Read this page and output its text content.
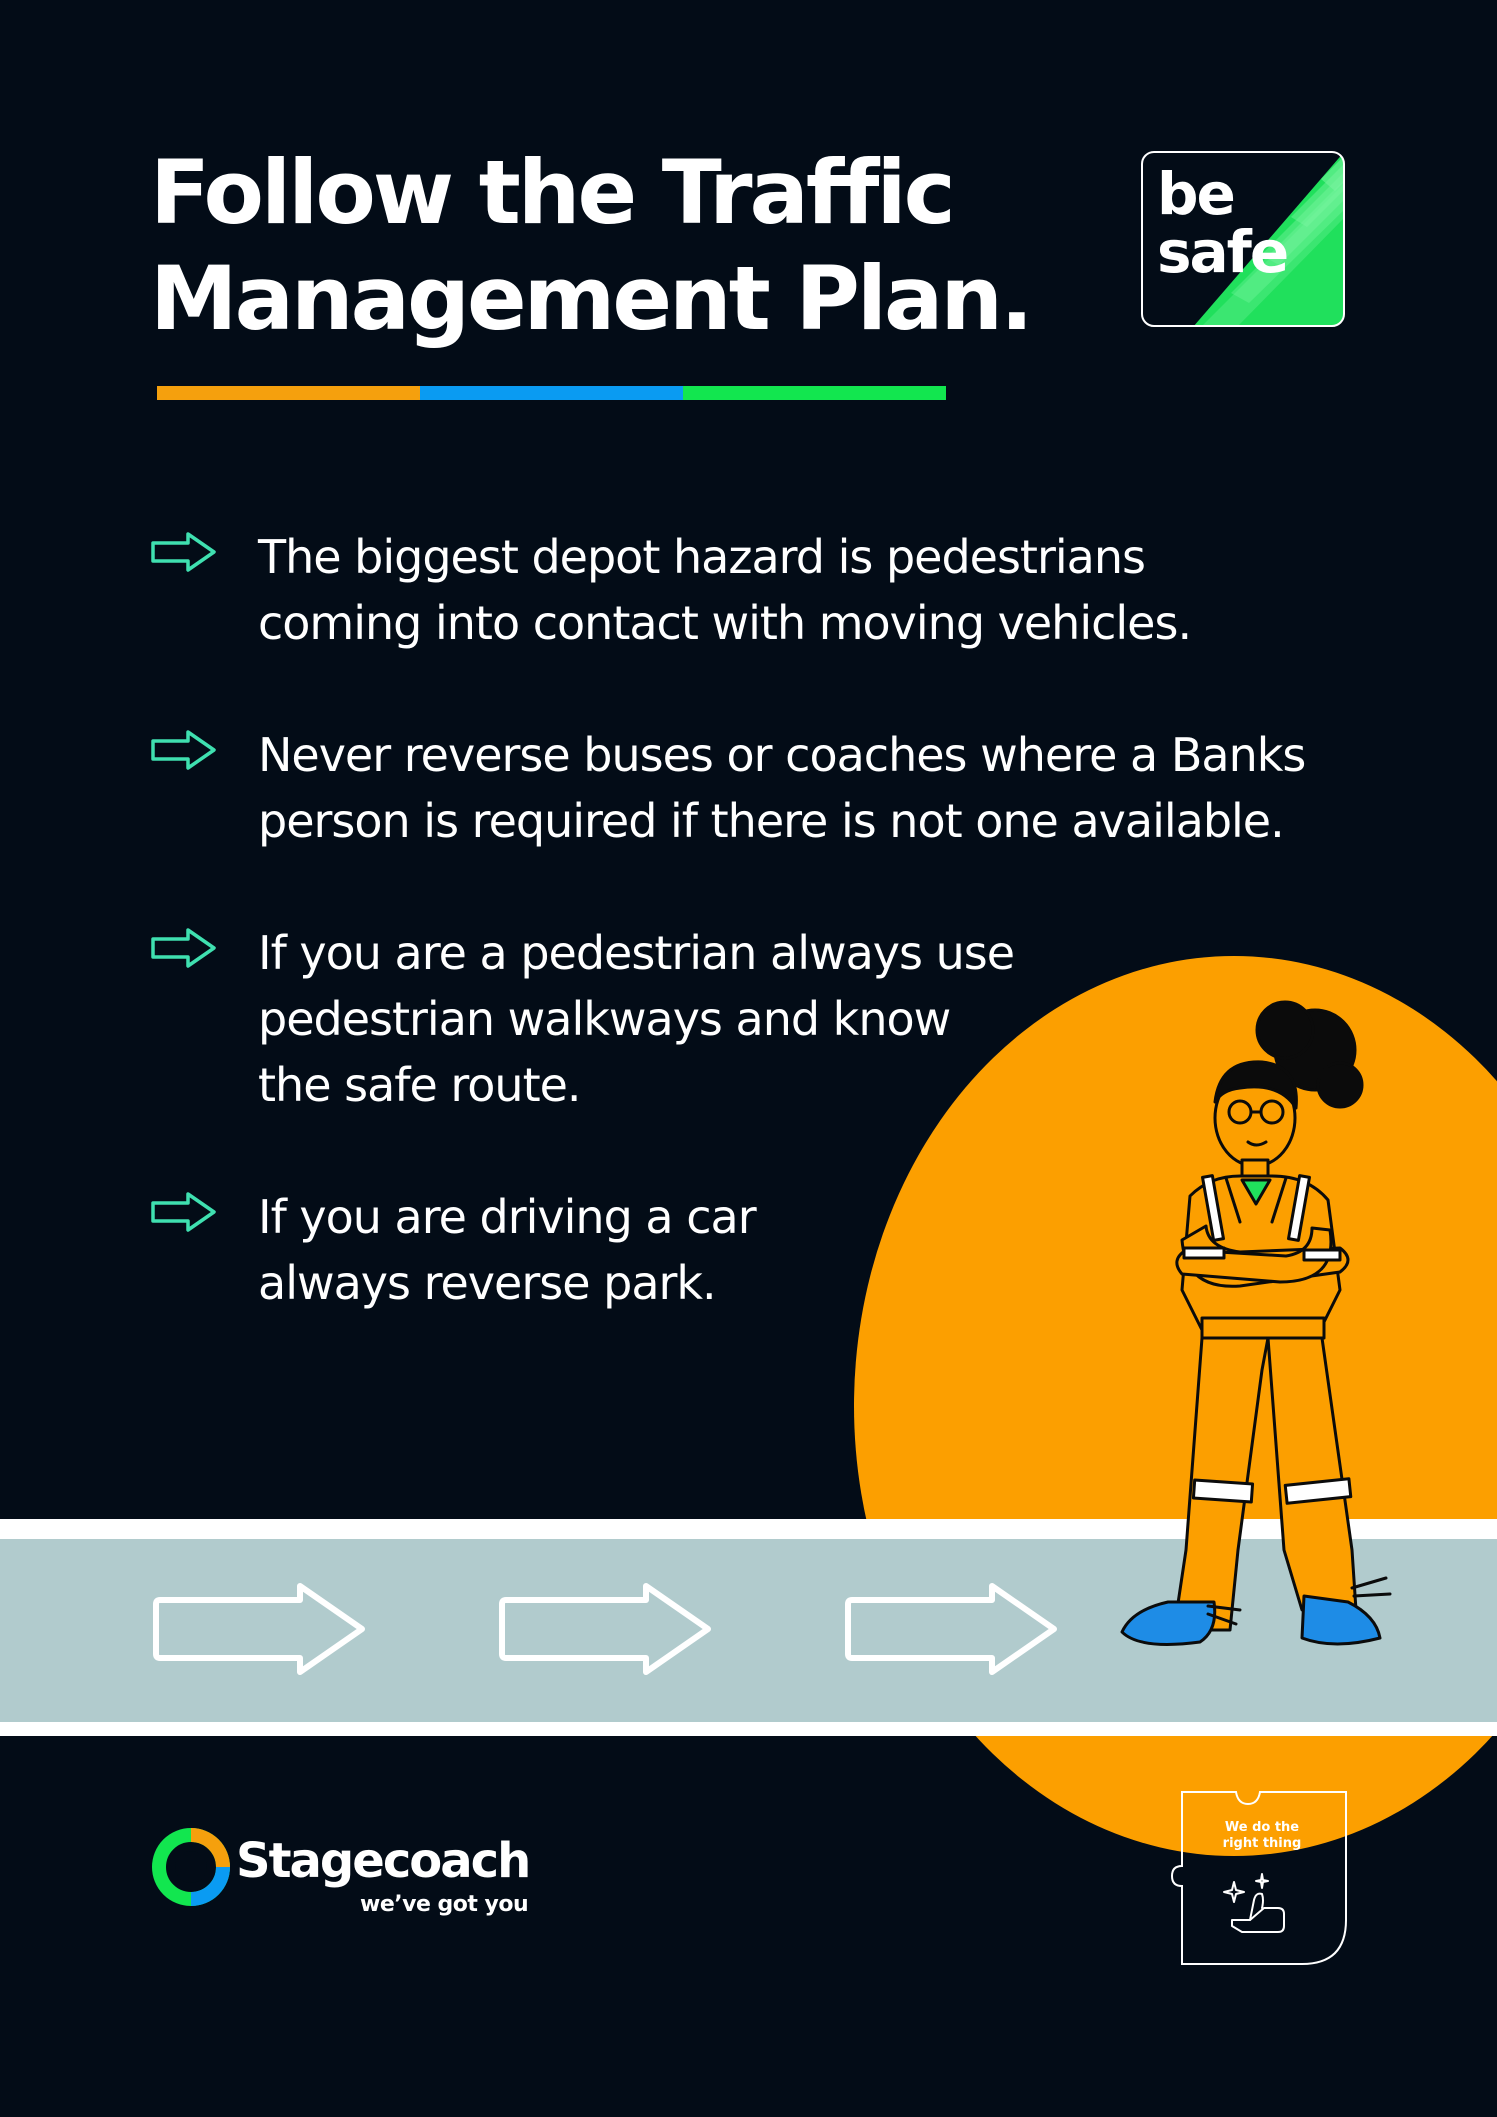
Follow the Traffic
Management Plan.
be
safe
The biggest depot hazard is pedestrians
coming into contact with moving vehicles.
Never reverse buses or coaches where a Banks
person is required if there is not one available.
If you are a pedestrian always use
pedestrian walkways and know
the safe route.
If you are driving a car
always reverse park.
Stagecoach
we’ve got you
We do the
right thing
